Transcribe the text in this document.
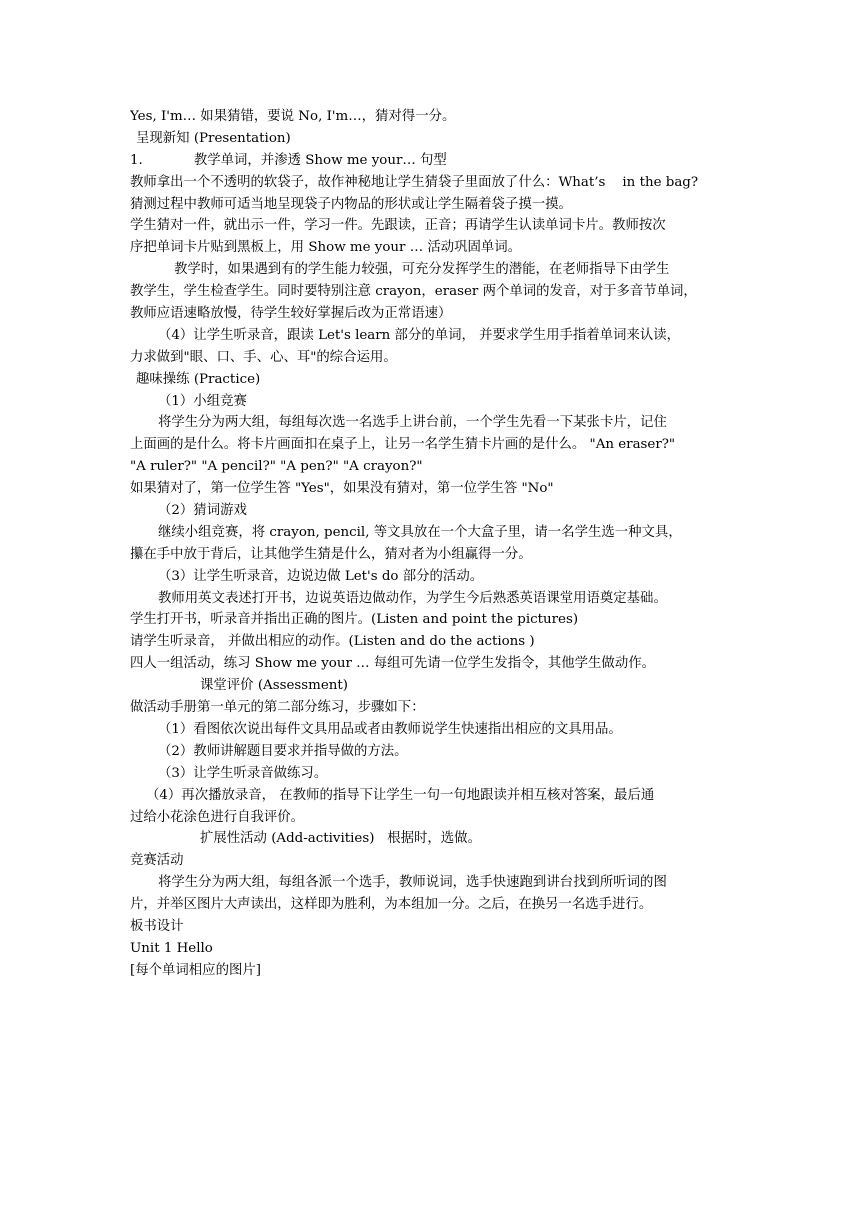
Yes, I'm… 如果猜错，要说 No, I'm…，猜对得一分。
呈现新知 (Presentation)
1.            教学单词，并渗透 Show me your… 句型
教师拿出一个不透明的软袋子，故作神秘地让学生猜袋子里面放了什么：What’s    in the bag?
猜测过程中教师可适当地呈现袋子内物品的形状或让学生隔着袋子摸一摸。
学生猜对一件，就出示一件，学习一件。先跟读，正音；再请学生认读单词卡片。教师按次
序把单词卡片贴到黑板上，用 Show me your … 活动巩固单词。
教学时，如果遇到有的学生能力较强，可充分发挥学生的潜能，在老师指导下由学生
教学生，学生检查学生。同时要特别注意 crayon，eraser 两个单词的发音，对于多音节单词，
教师应语速略放慢，待学生较好掌握后改为正常语速）
（4）让学生听录音，跟读 Let's learn 部分的单词， 并要求学生用手指着单词来认读，
力求做到"眼、口、手、心、耳"的综合运用。
趣味操练 (Practice)
（1）小组竞赛
将学生分为两大组，每组每次选一名选手上讲台前，一个学生先看一下某张卡片，记住
上面画的是什么。将卡片画面扣在桌子上，让另一名学生猜卡片画的是什么。 "An eraser?"
"A ruler?" "A pencil?" "A pen?" "A crayon?"
如果猜对了，第一位学生答 "Yes"，如果没有猜对，第一位学生答 "No"
（2）猜词游戏
继续小组竞赛，将 crayon, pencil, 等文具放在一个大盒子里，请一名学生选一种文具，
攥在手中放于背后，让其他学生猜是什么，猜对者为小组赢得一分。
（3）让学生听录音，边说边做 Let's do 部分的活动。
教师用英文表述打开书，边说英语边做动作，为学生今后熟悉英语课堂用语奠定基础。
学生打开书，听录音并指出正确的图片。(Listen and point the pictures)
请学生听录音， 并做出相应的动作。(Listen and do the actions )
四人一组活动，练习 Show me your … 每组可先请一位学生发指令，其他学生做动作。
课堂评价 (Assessment)
做活动手册第一单元的第二部分练习，步骤如下：
（1）看图依次说出每件文具用品或者由教师说学生快速指出相应的文具用品。
（2）教师讲解题目要求并指导做的方法。
（3）让学生听录音做练习。
（4）再次播放录音， 在教师的指导下让学生一句一句地跟读并相互核对答案，最后通
过给小花涂色进行自我评价。
扩展性活动 (Add-activities)   根据时，选做。
竞赛活动
将学生分为两大组，每组各派一个选手，教师说词，选手快速跑到讲台找到所听词的图
片，并举区图片大声读出，这样即为胜利，为本组加一分。之后，在换另一名选手进行。
板书设计
Unit 1 Hello
[每个单词相应的图片]
